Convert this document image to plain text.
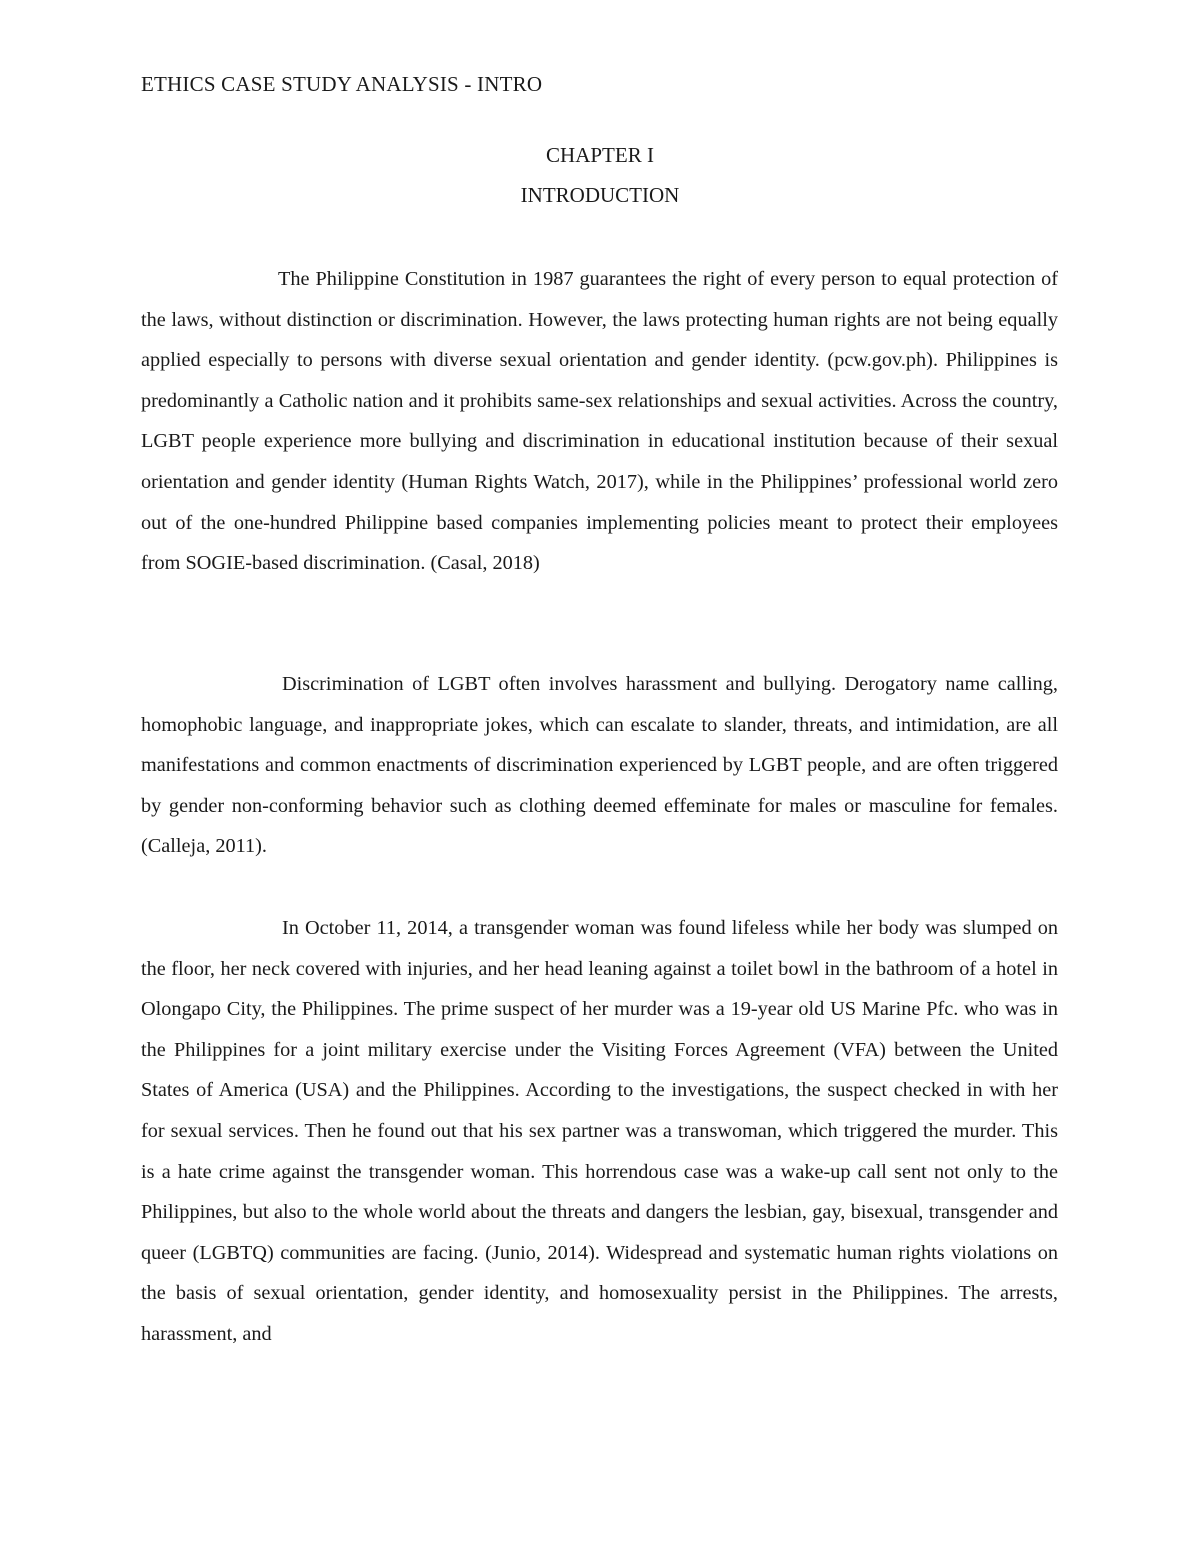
ETHICS CASE STUDY ANALYSIS - INTRO
CHAPTER I
INTRODUCTION

The Philippine Constitution in 1987 guarantees the right of every person to equal protection of the laws, without distinction or discrimination. However, the laws protecting human rights are not being equally applied especially to persons with diverse sexual orientation and gender identity. (pcw.gov.ph). Philippines is predominantly a Catholic nation and it prohibits same-sex relationships and sexual activities. Across the country, LGBT people experience more bullying and discrimination in educational institution because of their sexual orientation and gender identity (Human Rights Watch, 2017), while in the Philippines’ professional world zero out of the one-hundred Philippine based companies implementing policies meant to protect their employees from SOGIE-based discrimination. (Casal, 2018)

Discrimination of LGBT often involves harassment and bullying. Derogatory name calling, homophobic language, and inappropriate jokes, which can escalate to slander, threats, and intimidation, are all manifestations and common enactments of discrimination experienced by LGBT people, and are often triggered by gender non-conforming behavior such as clothing deemed effeminate for males or masculine for females. (Calleja, 2011).

In October 11, 2014, a transgender woman was found lifeless while her body was slumped on the floor, her neck covered with injuries, and her head leaning against a toilet bowl in the bathroom of a hotel in Olongapo City, the Philippines. The prime suspect of her murder was a 19-year old US Marine Pfc. who was in the Philippines for a joint military exercise under the Visiting Forces Agreement (VFA) between the United States of America (USA) and the Philippines. According to the investigations, the suspect checked in with her for sexual services. Then he found out that his sex partner was a transwoman, which triggered the murder. This is a hate crime against the transgender woman. This horrendous case was a wake-up call sent not only to the Philippines, but also to the whole world about the threats and dangers the lesbian, gay, bisexual, transgender and queer (LGBTQ) communities are facing. (Junio, 2014). Widespread and systematic human rights violations on the basis of sexual orientation, gender identity, and homosexuality persist in the Philippines. The arrests, harassment, and
